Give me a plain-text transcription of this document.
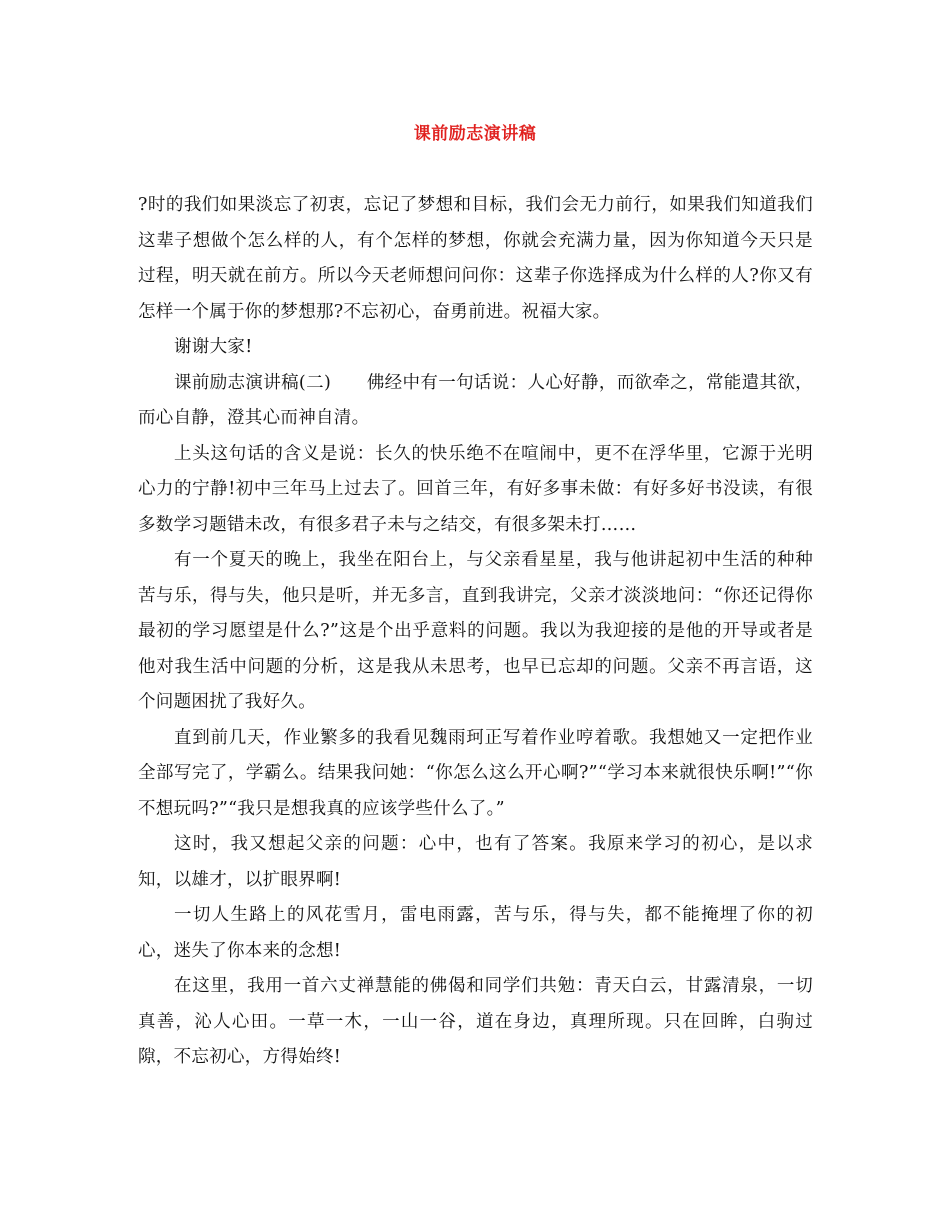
课前励志演讲稿

?时的我们如果淡忘了初衷，忘记了梦想和目标，我们会无力前行，如果我们知道我们这辈子想做个怎么样的人，有个怎样的梦想，你就会充满力量，因为你知道今天只是过程，明天就在前方。所以今天老师想问问你：这辈子你选择成为什么样的人?你又有怎样一个属于你的梦想那?不忘初心，奋勇前进。祝福大家。

谢谢大家!

课前励志演讲稿(二)　　佛经中有一句话说：人心好静，而欲牵之，常能遣其欲，而心自静，澄其心而神自清。

上头这句话的含义是说：长久的快乐绝不在喧闹中，更不在浮华里，它源于光明心力的宁静!初中三年马上过去了。回首三年，有好多事未做：有好多好书没读，有很多数学习题错未改，有很多君子未与之结交，有很多架未打……

有一个夏天的晚上，我坐在阳台上，与父亲看星星，我与他讲起初中生活的种种苦与乐，得与失，他只是听，并无多言，直到我讲完，父亲才淡淡地问：“你还记得你最初的学习愿望是什么?”这是个出乎意料的问题。我以为我迎接的是他的开导或者是他对我生活中问题的分析，这是我从未思考，也早已忘却的问题。父亲不再言语，这个问题困扰了我好久。

直到前几天，作业繁多的我看见魏雨珂正写着作业哼着歌。我想她又一定把作业全部写完了，学霸么。结果我问她：“你怎么这么开心啊?”“学习本来就很快乐啊!”“你不想玩吗?”“我只是想我真的应该学些什么了。”

这时，我又想起父亲的问题：心中，也有了答案。我原来学习的初心，是以求知，以雄才，以扩眼界啊!

一切人生路上的风花雪月，雷电雨露，苦与乐，得与失，都不能掩埋了你的初心，迷失了你本来的念想!

在这里，我用一首六丈禅慧能的佛偈和同学们共勉：青天白云，甘露清泉，一切真善，沁人心田。一草一木，一山一谷，道在身边，真理所现。只在回眸，白驹过隙，不忘初心，方得始终!
